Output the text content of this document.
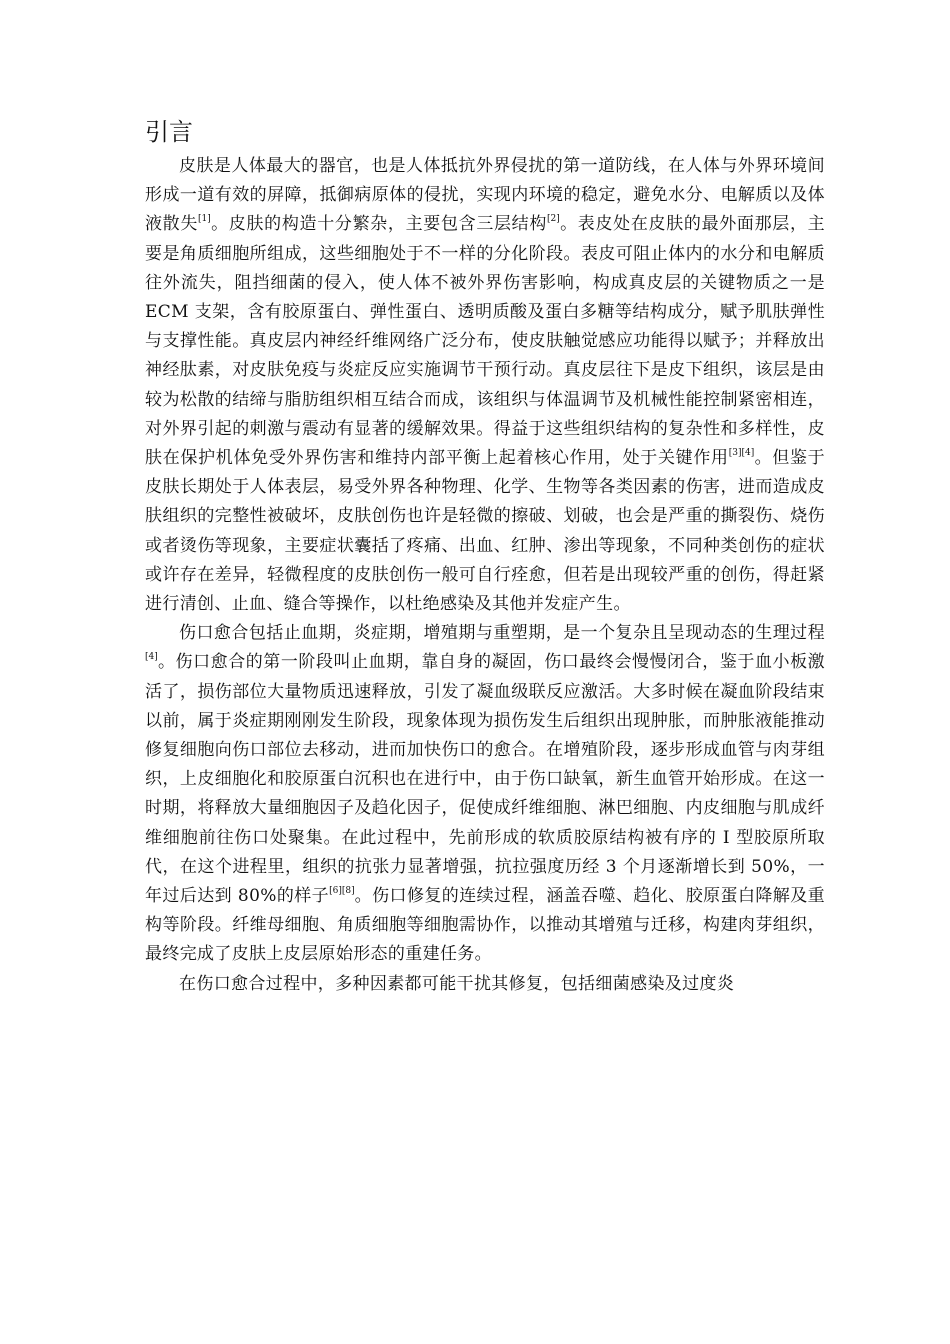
引言

皮肤是人体最大的器官，也是人体抵抗外界侵扰的第一道防线，在人体与外界环境间形成一道有效的屏障，抵御病原体的侵扰，实现内环境的稳定，避免水分、电解质以及体液散失[1]。皮肤的构造十分繁杂，主要包含三层结构[2]。表皮处在皮肤的最外面那层，主要是角质细胞所组成，这些细胞处于不一样的分化阶段。表皮可阻止体内的水分和电解质往外流失，阻挡细菌的侵入，使人体不被外界伤害影响，构成真皮层的关键物质之一是 ECM 支架，含有胶原蛋白、弹性蛋白、透明质酸及蛋白多糖等结构成分，赋予肌肤弹性与支撑性能。真皮层内神经纤维网络广泛分布，使皮肤触觉感应功能得以赋予；并释放出神经肽素，对皮肤免疫与炎症反应实施调节干预行动。真皮层往下是皮下组织，该层是由较为松散的结缔与脂肪组织相互结合而成，该组织与体温调节及机械性能控制紧密相连，对外界引起的刺激与震动有显著的缓解效果。得益于这些组织结构的复杂性和多样性，皮肤在保护机体免受外界伤害和维持内部平衡上起着核心作用，处于关键作用[3][4]。但鉴于皮肤长期处于人体表层，易受外界各种物理、化学、生物等各类因素的伤害，进而造成皮肤组织的完整性被破坏，皮肤创伤也许是轻微的擦破、划破，也会是严重的撕裂伤、烧伤或者烫伤等现象，主要症状囊括了疼痛、出血、红肿、渗出等现象，不同种类创伤的症状或许存在差异，轻微程度的皮肤创伤一般可自行痊愈，但若是出现较严重的创伤，得赶紧进行清创、止血、缝合等操作，以杜绝感染及其他并发症产生。

伤口愈合包括止血期，炎症期，增殖期与重塑期，是一个复杂且呈现动态的生理过程[4]。伤口愈合的第一阶段叫止血期，靠自身的凝固，伤口最终会慢慢闭合，鉴于血小板激活了，损伤部位大量物质迅速释放，引发了凝血级联反应激活。大多时候在凝血阶段结束以前，属于炎症期刚刚发生阶段，现象体现为损伤发生后组织出现肿胀，而肿胀液能推动修复细胞向伤口部位去移动，进而加快伤口的愈合。在增殖阶段，逐步形成血管与肉芽组织，上皮细胞化和胶原蛋白沉积也在进行中，由于伤口缺氧，新生血管开始形成。在这一时期，将释放大量细胞因子及趋化因子，促使成纤维细胞、淋巴细胞、内皮细胞与肌成纤维细胞前往伤口处聚集。在此过程中，先前形成的软质胶原结构被有序的 I 型胶原所取代，在这个进程里，组织的抗张力显著增强，抗拉强度历经 3 个月逐渐增长到 50%，一年过后达到 80%的样子[6][8]。伤口修复的连续过程，涵盖吞噬、趋化、胶原蛋白降解及重构等阶段。纤维母细胞、角质细胞等细胞需协作，以推动其增殖与迁移，构建肉芽组织，最终完成了皮肤上皮层原始形态的重建任务。

在伤口愈合过程中，多种因素都可能干扰其修复，包括细菌感染及过度炎
